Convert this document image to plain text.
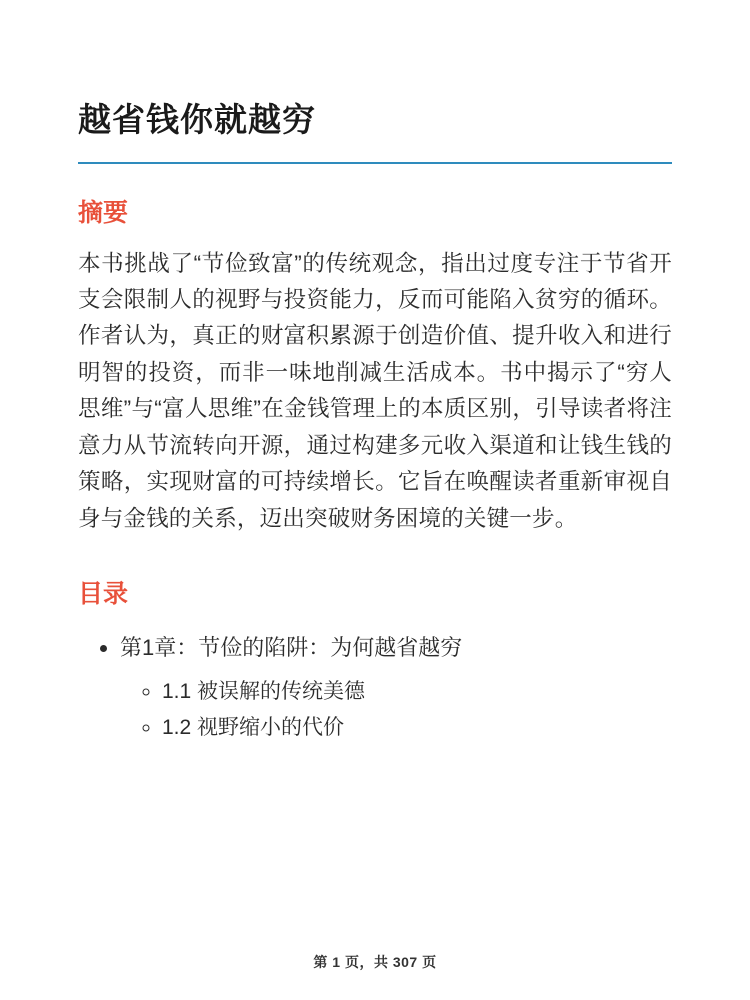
越省钱你就越穷
摘要

本书挑战了“节俭致富”的传统观念，指出过度专注于节省开支会限制人的视野与投资能力，反而可能陷入贫穷的循环。作者认为，真正的财富积累源于创造价值、提升收入和进行明智的投资，而非一味地削减生活成本。书中揭示了“穷人思维”与“富人思维”在金钱管理上的本质区别，引导读者将注意力从节流转向开源，通过构建多元收入渠道和让钱生钱的策略，实现财富的可持续增长。它旨在唤醒读者重新审视自身与金钱的关系，迈出突破财务困境的关键一步。

目录
• 第1章：节俭的陷阱：为何越省越穷
◦ 1.1 被误解的传统美德
◦ 1.2 视野缩小的代价
第 1 页，共 307 页
